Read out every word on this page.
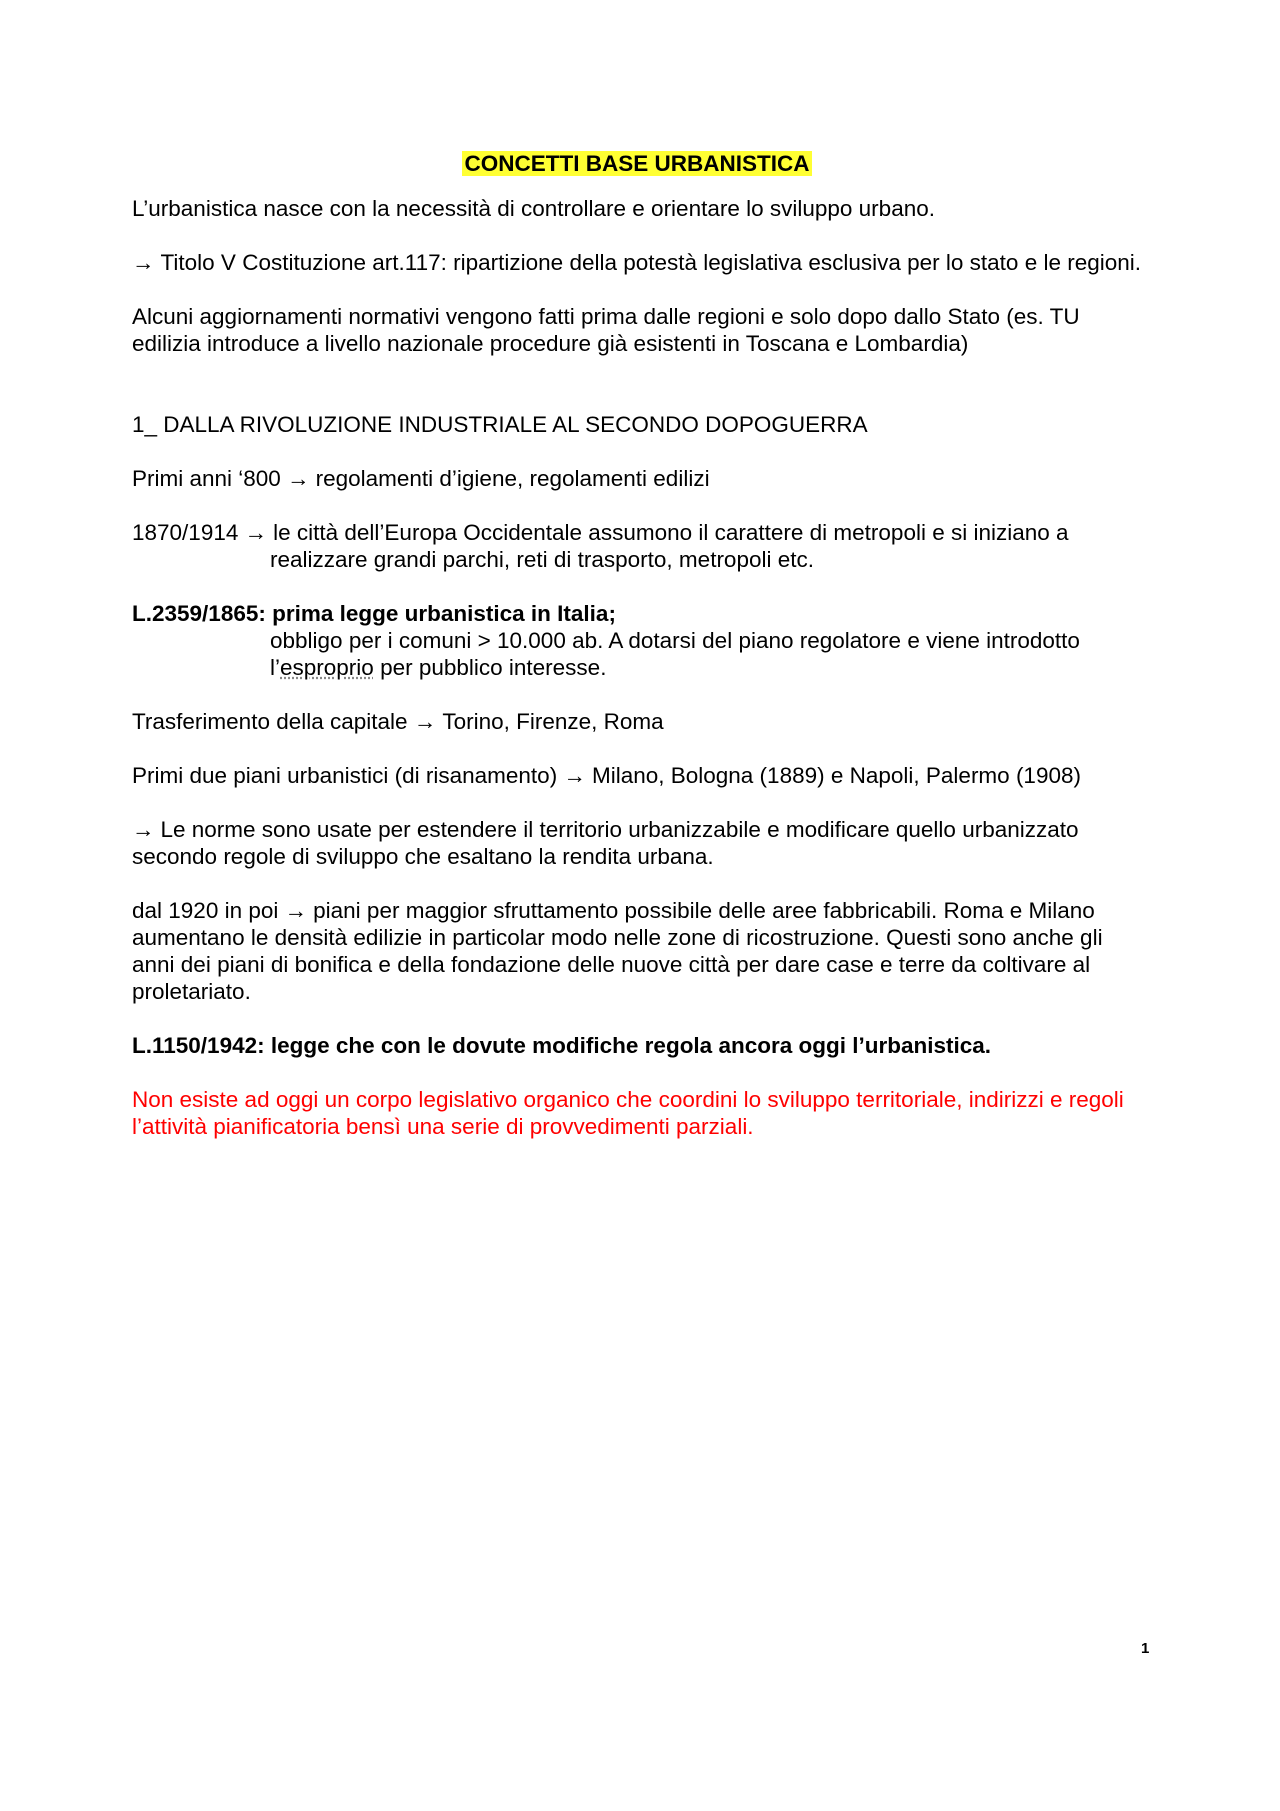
CONCETTI BASE URBANISTICA

L’urbanistica nasce con la necessità di controllare e orientare lo sviluppo urbano.

→ Titolo V Costituzione art.117: ripartizione della potestà legislativa esclusiva per lo stato e le regioni.

Alcuni aggiornamenti normativi vengono fatti prima dalle regioni e solo dopo dallo Stato (es. TU edilizia introduce a livello nazionale procedure già esistenti in Toscana e Lombardia)

1_ DALLA RIVOLUZIONE INDUSTRIALE AL SECONDO DOPOGUERRA

Primi anni ‘800 → regolamenti d’igiene, regolamenti edilizi

1870/1914 → le città dell’Europa Occidentale assumono il carattere di metropoli e si iniziano a
realizzare grandi parchi, reti di trasporto, metropoli etc.
L.2359/1865: prima legge urbanistica in Italia;
obbligo per i comuni > 10.000 ab. A dotarsi del piano regolatore e viene introdotto
l’esproprio per pubblico interesse.

Trasferimento della capitale → Torino, Firenze, Roma

Primi due piani urbanistici (di risanamento) → Milano, Bologna (1889) e Napoli, Palermo (1908)

→ Le norme sono usate per estendere il territorio urbanizzabile e modificare quello urbanizzato secondo regole di sviluppo che esaltano la rendita urbana.

dal 1920 in poi → piani per maggior sfruttamento possibile delle aree fabbricabili. Roma e Milano aumentano le densità edilizie in particolar modo nelle zone di ricostruzione. Questi sono anche gli anni dei piani di bonifica e della fondazione delle nuove città per dare case e terre da coltivare al proletariato.

L.1150/1942: legge che con le dovute modifiche regola ancora oggi l’urbanistica.

Non esiste ad oggi un corpo legislativo organico che coordini lo sviluppo territoriale, indirizzi e regoli l’attività pianificatoria bensì una serie di provvedimenti parziali.

1
